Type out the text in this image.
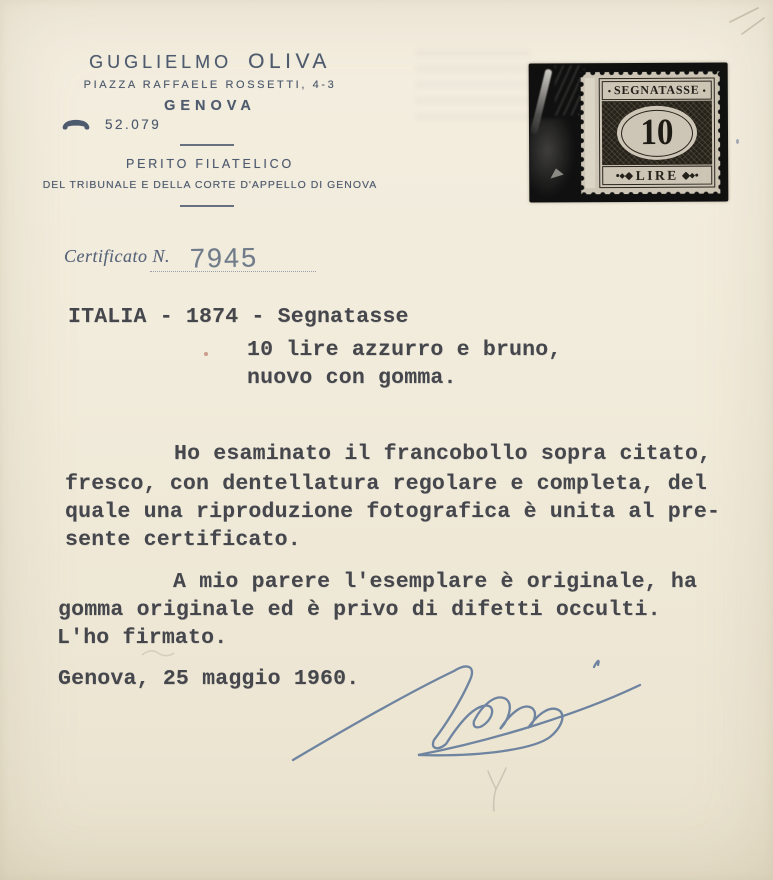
GUGLIELMO OLIVA
PIAZZA RAFFAELE ROSSETTI, 4-3
GENOVA
52.079
PERITO FILATELICO
DEL TRIBUNALE E DELLA CORTE D'APPELLO DI GENOVA
• SEGNATASSE •
10
LIRE
Certificato N. 7945
ITALIA - 1874 - Segnatasse
10 lire azzurro e bruno,
nuovo con gomma.
Ho esaminato il francobollo sopra citato,
fresco, con dentellatura regolare e completa, del
quale una riproduzione fotografica è unita al pre-
sente certificato.
A mio parere l'esemplare è originale, ha
gomma originale ed è privo di difetti occulti.
L'ho firmato.
Genova, 25 maggio 1960.
